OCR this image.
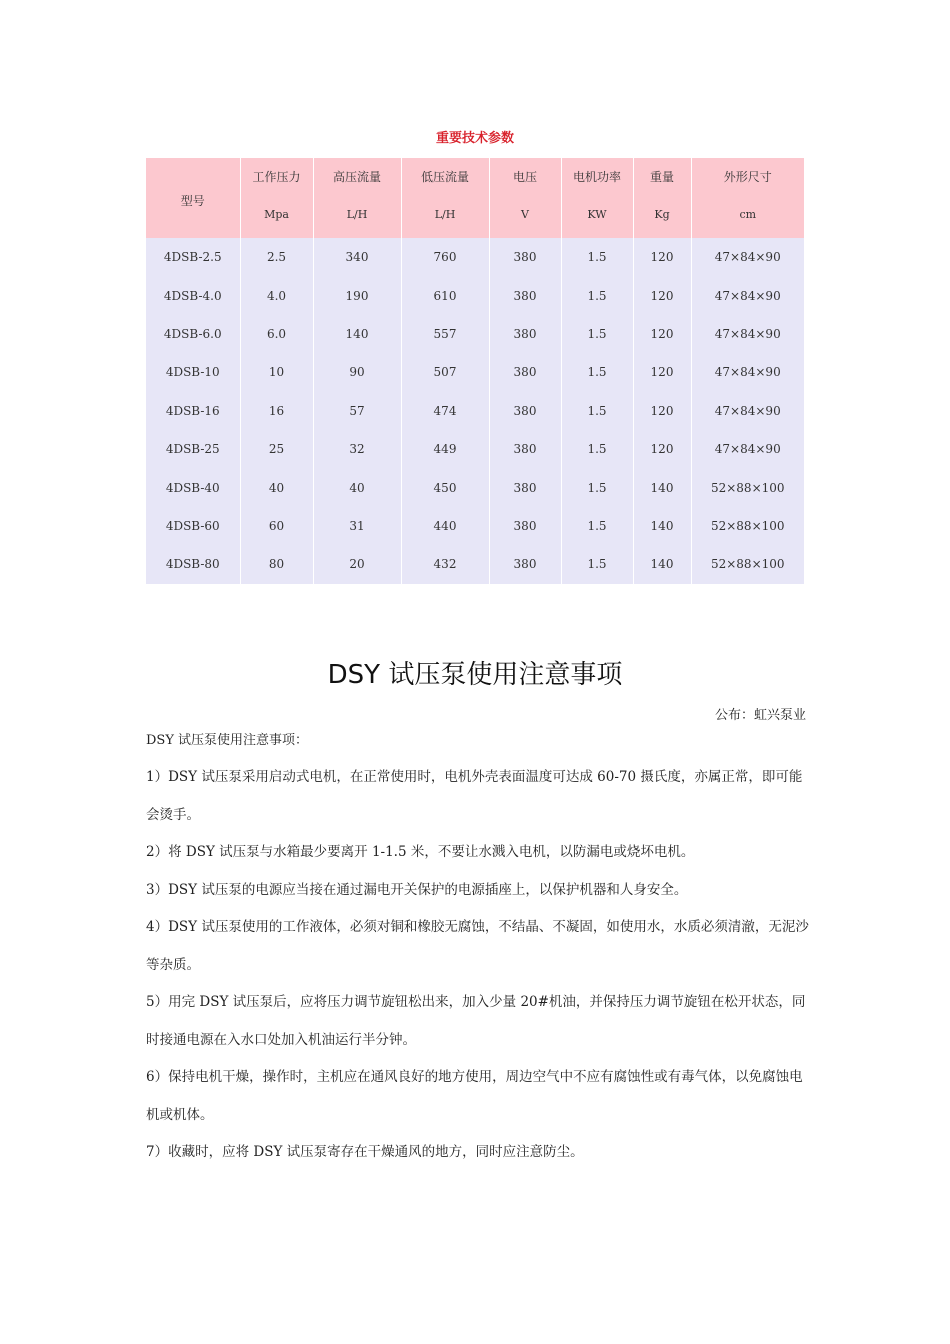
重要技术参数
型号	工作压力	高压流量	低压流量	电压	电机功率	重量	外形尺寸
	Mpa	L/H	L/H	V	KW	Kg	cm
4DSB-2.5	2.5	340	760	380	1.5	120	47×84×90
4DSB-4.0	4.0	190	610	380	1.5	120	47×84×90
4DSB-6.0	6.0	140	557	380	1.5	120	47×84×90
4DSB-10	10	90	507	380	1.5	120	47×84×90
4DSB-16	16	57	474	380	1.5	120	47×84×90
4DSB-25	25	32	449	380	1.5	120	47×84×90
4DSB-40	40	40	450	380	1.5	140	52×88×100
4DSB-60	60	31	440	380	1.5	140	52×88×100
4DSB-80	80	20	432	380	1.5	140	52×88×100
DSY 试压泵使用注意事项
公布：虹兴泵业
DSY 试压泵使用注意事项：

1）DSY 试压泵采用启动式电机，在正常使用时，电机外壳表面温度可达成 60-70 摄氏度，亦属正常，即可能会烫手。

2）将 DSY 试压泵与水箱最少要离开 1-1.5 米，不要让水溅入电机，以防漏电或烧坏电机。

3）DSY 试压泵的电源应当接在通过漏电开关保护的电源插座上，以保护机器和人身安全。

4）DSY 试压泵使用的工作液体，必须对铜和橡胶无腐蚀，不结晶、不凝固，如使用水，水质必须清澈，无泥沙等杂质。

5）用完 DSY 试压泵后，应将压力调节旋钮松出来，加入少量 20#机油，并保持压力调节旋钮在松开状态，同时接通电源在入水口处加入机油运行半分钟。

6）保持电机干燥，操作时，主机应在通风良好的地方使用，周边空气中不应有腐蚀性或有毒气体，以免腐蚀电机或机体。

7）收藏时，应将 DSY 试压泵寄存在干燥通风的地方，同时应注意防尘。
